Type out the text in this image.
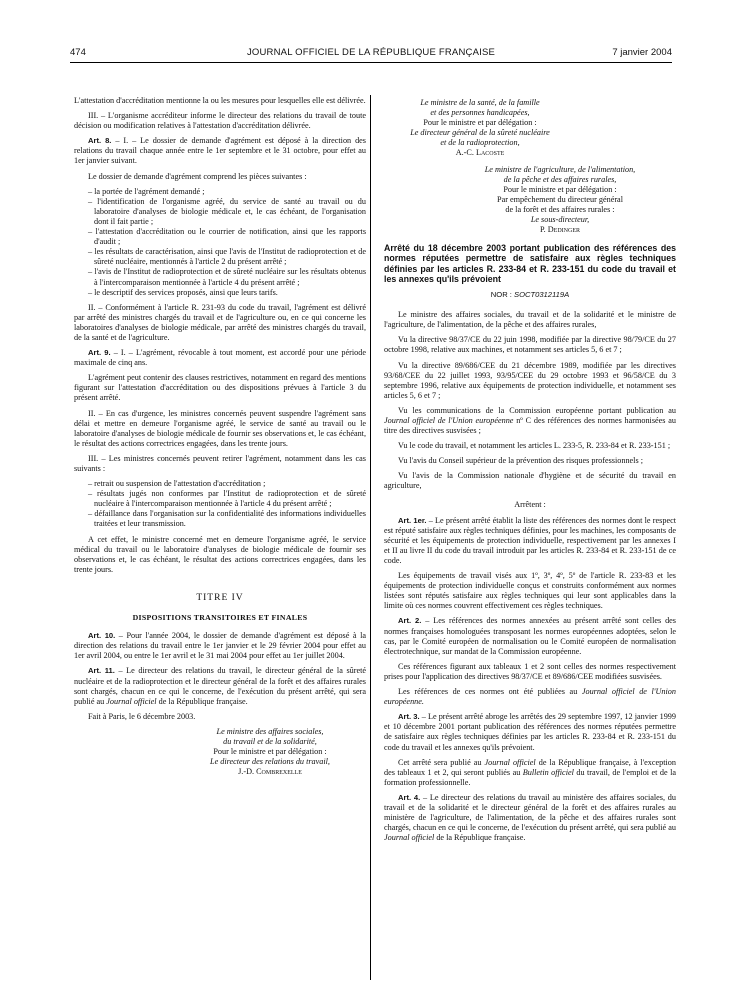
474	JOURNAL OFFICIEL DE LA RÉPUBLIQUE FRANÇAISE	7 janvier 2004

L'attestation d'accréditation mentionne la ou les mesures pour lesquelles elle est délivrée.

III. – L'organisme accréditeur informe le directeur des relations du travail de toute décision ou modification relatives à l'attestation d'accréditation délivrée.

Art. 8. – I. – Le dossier de demande d'agrément est déposé à la direction des relations du travail chaque année entre le 1er septembre et le 31 octobre, pour effet au 1er janvier suivant.

Le dossier de demande d'agrément comprend les pièces suivantes :

– la portée de l'agrément demandé ;
– l'identification de l'organisme agréé, du service de santé au travail ou du laboratoire d'analyses de biologie médicale et, le cas échéant, de l'organisation dont il fait partie ;
– l'attestation d'accréditation ou le courrier de notification, ainsi que les rapports d'audit ;
– les résultats de caractérisation, ainsi que l'avis de l'Institut de radioprotection et de sûreté nucléaire, mentionnés à l'article 2 du présent arrêté ;
– l'avis de l'Institut de radioprotection et de sûreté nucléaire sur les résultats obtenus à l'intercomparaison mentionnée à l'article 4 du présent arrêté ;
– le descriptif des services proposés, ainsi que leurs tarifs.

II. – Conformément à l'article R. 231-93 du code du travail, l'agrément est délivré par arrêté des ministres chargés du travail et de l'agriculture ou, en ce qui concerne les laboratoires d'analyses de biologie médicale, par arrêté des ministres chargés du travail, de la santé et de l'agriculture.

Art. 9. – I. – L'agrément, révocable à tout moment, est accordé pour une période maximale de cinq ans.

L'agrément peut contenir des clauses restrictives, notamment en regard des mentions figurant sur l'attestation d'accréditation ou des dispositions prévues à l'article 3 du présent arrêté.

II. – En cas d'urgence, les ministres concernés peuvent suspendre l'agrément sans délai et mettre en demeure l'organisme agréé, le service de santé au travail ou le laboratoire d'analyses de biologie médicale de fournir ses observations et, le cas échéant, le résultat des actions correctrices engagées, dans les trente jours.

III. – Les ministres concernés peuvent retirer l'agrément, notamment dans les cas suivants :

– retrait ou suspension de l'attestation d'accréditation ;
– résultats jugés non conformes par l'Institut de radioprotection et de sûreté nucléaire à l'intercomparaison mentionnée à l'article 4 du présent arrêté ;
– défaillance dans l'organisation sur la confidentialité des informations individuelles traitées et leur transmission.

A cet effet, le ministre concerné met en demeure l'organisme agréé, le service médical du travail ou le laboratoire d'analyses de biologie médicale de fournir ses observations et, le cas échéant, le résultat des actions correctrices engagées, dans les trente jours.

TITRE IV
DISPOSITIONS TRANSITOIRES ET FINALES

Art. 10. – Pour l'année 2004, le dossier de demande d'agrément est déposé à la direction des relations du travail entre le 1er janvier et le 29 février 2004 pour effet au 1er avril 2004, ou entre le 1er avril et le 31 mai 2004 pour effet au 1er juillet 2004.

Art. 11. – Le directeur des relations du travail, le directeur général de la sûreté nucléaire et de la radioprotection et le directeur général de la forêt et des affaires rurales sont chargés, chacun en ce qui le concerne, de l'exécution du présent arrêté, qui sera publié au Journal officiel de la République française.

Fait à Paris, le 6 décembre 2003.

Le ministre des affaires sociales,
du travail et de la solidarité,
Pour le ministre et par délégation :
Le directeur des relations du travail,
J.-D. Combrexelle
Le ministre de la santé, de la famille
et des personnes handicapées,
Pour le ministre et par délégation :
Le directeur général de la sûreté nucléaire
et de la radioprotection,
A.-C. Lacoste
Le ministre de l'agriculture, de l'alimentation,
de la pêche et des affaires rurales,
Pour le ministre et par délégation :
Par empêchement du directeur général
de la forêt et des affaires rurales :
Le sous-directeur,
P. Dedinger
Arrêté du 18 décembre 2003 portant publication des références des normes réputées permettre de satisfaire aux règles techniques définies par les articles R. 233-84 et R. 233-151 du code du travail et les annexes qu'ils prévoient
NOR : SOCT0312119A

Le ministre des affaires sociales, du travail et de la solidarité et le ministre de l'agriculture, de l'alimentation, de la pêche et des affaires rurales,

Vu la directive 98/37/CE du 22 juin 1998, modifiée par la directive 98/79/CE du 27 octobre 1998, relative aux machines, et notamment ses articles 5, 6 et 7 ;

Vu la directive 89/686/CEE du 21 décembre 1989, modifiée par les directives 93/68/CEE du 22 juillet 1993, 93/95/CEE du 29 octobre 1993 et 96/58/CE du 3 septembre 1996, relative aux équipements de protection individuelle, et notamment ses articles 5, 6 et 7 ;

Vu les communications de la Commission européenne portant publication au Journal officiel de l'Union européenne nº C des références des normes harmonisées au titre des directives susvisées ;

Vu le code du travail, et notamment les articles L. 233-5, R. 233-84 et R. 233-151 ;

Vu l'avis du Conseil supérieur de la prévention des risques professionnels ;

Vu l'avis de la Commission nationale d'hygiène et de sécurité du travail en agriculture,

Arrêtent :

Art. 1er. – Le présent arrêté établit la liste des références des normes dont le respect est réputé satisfaire aux règles techniques définies, pour les machines, les composants de sécurité et les équipements de protection individuelle, respectivement par les annexes I et II au livre II du code du travail introduit par les articles R. 233-84 et R. 233-151 de ce code.

Les équipements de travail visés aux 1º, 3º, 4º, 5º de l'article R. 233-83 et les équipements de protection individuelle conçus et construits conformément aux normes listées sont réputés satisfaire aux règles techniques qui leur sont applicables dans la limite où ces normes couvrent effectivement ces règles techniques.

Art. 2. – Les références des normes annexées au présent arrêté sont celles des normes françaises homologuées transposant les normes européennes adoptées, selon le cas, par le Comité européen de normalisation ou le Comité européen de normalisation électrotechnique, sur mandat de la Commission européenne.

Ces références figurant aux tableaux 1 et 2 sont celles des normes respectivement prises pour l'application des directives 98/37/CE et 89/686/CEE modifiées susvisées.

Les références de ces normes ont été publiées au Journal officiel de l'Union européenne.

Art. 3. – Le présent arrêté abroge les arrêtés des 29 septembre 1997, 12 janvier 1999 et 10 décembre 2001 portant publication des références des normes réputées permettre de satisfaire aux règles techniques définies par les articles R. 233-84 et R. 233-151 du code du travail et les annexes qu'ils prévoient.

Cet arrêté sera publié au Journal officiel de la République française, à l'exception des tableaux 1 et 2, qui seront publiés au Bulletin officiel du travail, de l'emploi et de la formation professionnelle.

Art. 4. – Le directeur des relations du travail au ministère des affaires sociales, du travail et de la solidarité et le directeur général de la forêt et des affaires rurales au ministère de l'agriculture, de l'alimentation, de la pêche et des affaires rurales sont chargés, chacun en ce qui le concerne, de l'exécution du présent arrêté, qui sera publié au Journal officiel de la République française.
